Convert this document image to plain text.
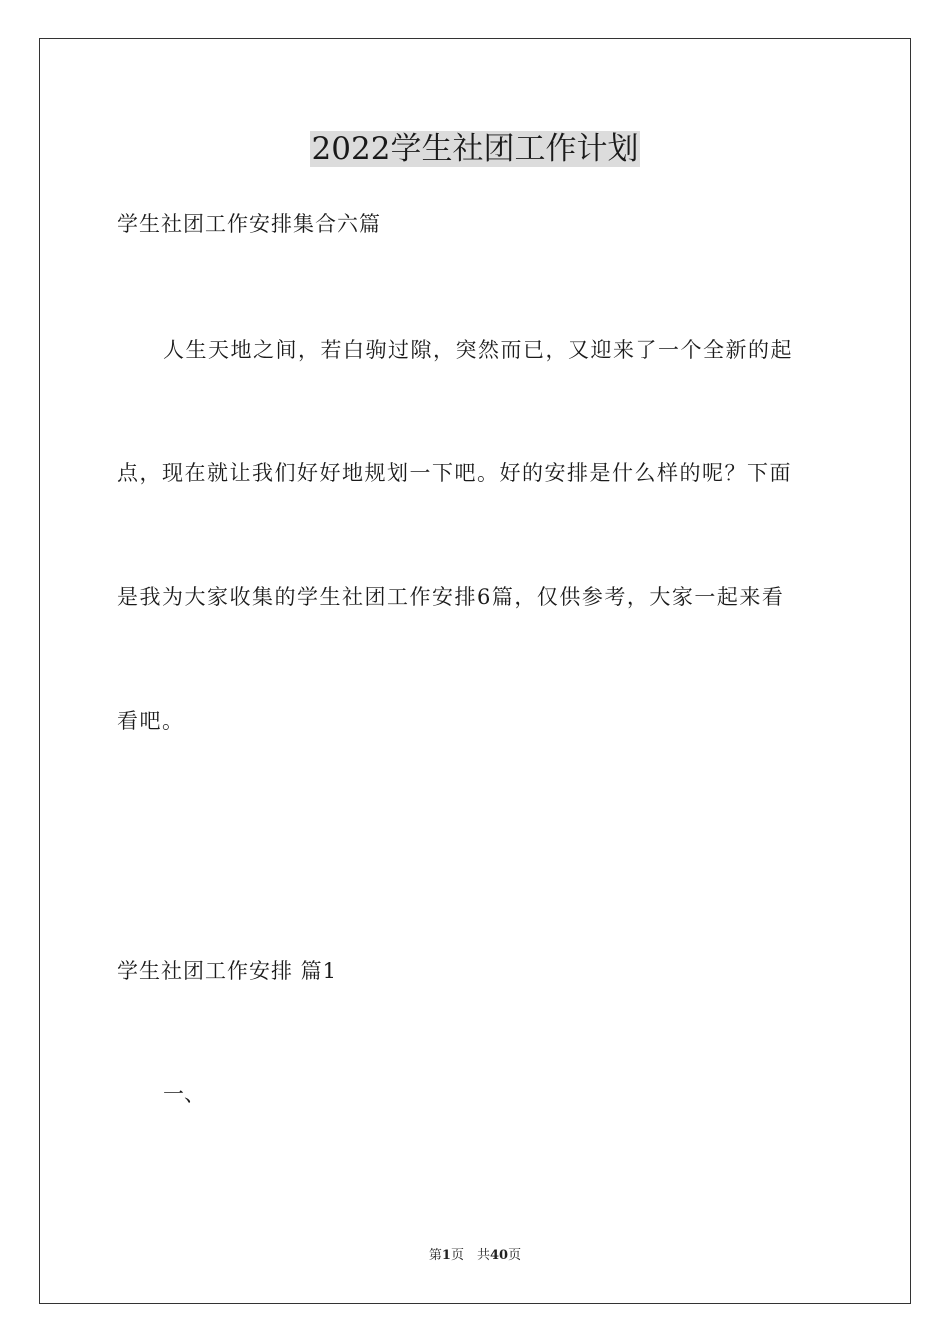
2022学生社团工作计划

学生社团工作安排集合六篇

人生天地之间，若白驹过隙，突然而已，又迎来了一个全新的起
点，现在就让我们好好地规划一下吧。好的安排是什么样的呢？下面
是我为大家收集的学生社团工作安排6篇，仅供参考，大家一起来看
看吧。

学生社团工作安排 篇1

一、

第1页　共40页
